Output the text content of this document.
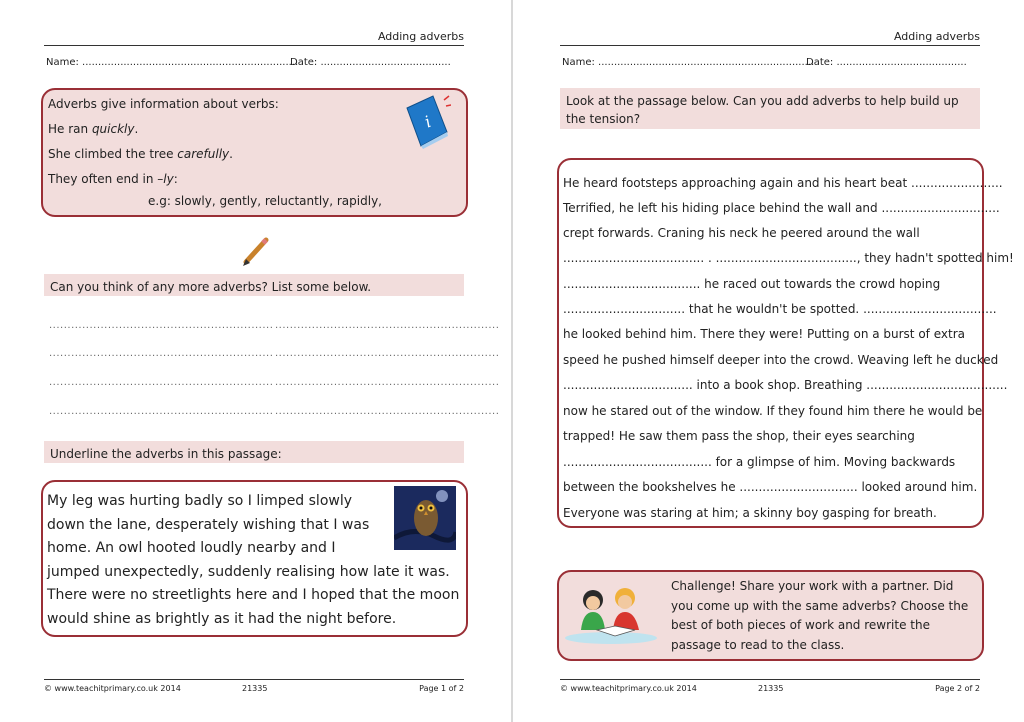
Adding adverbs
Name: ....................................................................
Date: .........................................
Adverbs give information about verbs:
He ran quickly.
She climbed the tree carefully.
They often end in –ly:
e.g: slowly, gently, reluctantly, rapidly,
i
Can you think of any more adverbs? List some below.
............................................................. .............................................................
............................................................. .............................................................
............................................................. .............................................................
............................................................. .............................................................
Underline the adverbs in this passage:
My leg was hurting badly so I limped slowly down the lane, desperately wishing that I was home. An owl hooted loudly nearby and I jumped unexpectedly, suddenly realising how late it was. There were no streetlights here and I hoped that the moon would shine as brightly as it had the night before.
© www.teachitprimary.co.uk 2014	21335	Page 1 of 2
Adding adverbs
Name: ....................................................................
Date: .........................................
Look at the passage below. Can you add adverbs to help build up the tension?
He heard footsteps approaching again and his heart beat ........................
Terrified, he left his hiding place behind the wall and ...............................
crept forwards. Craning his neck he peered around the wall
..................................... . ....................................., they hadn't spotted him!
.................................... he raced out towards the crowd hoping
................................ that he wouldn't be spotted. ...................................
he looked behind him. There they were! Putting on a burst of extra
speed he pushed himself deeper into the crowd. Weaving left he ducked
.................................. into a book shop. Breathing .....................................
now he stared out of the window. If they found him there he would be
trapped! He saw them pass the shop, their eyes searching
....................................... for a glimpse of him. Moving backwards
between the bookshelves he ............................... looked around him.
Everyone was staring at him; a skinny boy gasping for breath.
Challenge! Share your work with a partner. Did you come up with the same adverbs? Choose the best of both pieces of work and rewrite the passage to read to the class.
© www.teachitprimary.co.uk 2014	21335	Page 2 of 2
